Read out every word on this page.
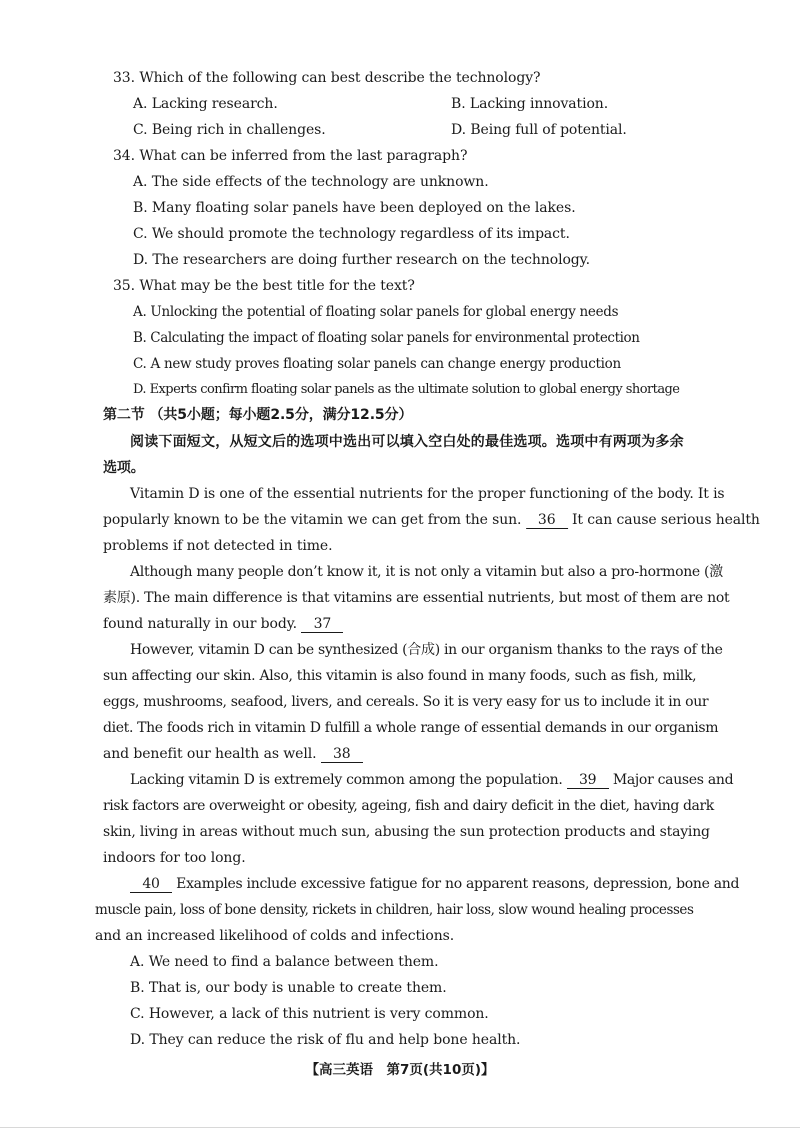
33. Which of the following can best describe the technology?
A. Lacking research.	B. Lacking innovation.
C. Being rich in challenges.	D. Being full of potential.
34. What can be inferred from the last paragraph?
A. The side effects of the technology are unknown.
B. Many floating solar panels have been deployed on the lakes.
C. We should promote the technology regardless of its impact.
D. The researchers are doing further research on the technology.
35. What may be the best title for the text?
A. Unlocking the potential of floating solar panels for global energy needs
B. Calculating the impact of floating solar panels for environmental protection
C. A new study proves floating solar panels can change energy production
D. Experts confirm floating solar panels as the ultimate solution to global energy shortage
第二节 （共5小题；每小题2.5分，满分12.5分）
阅读下面短文，从短文后的选项中选出可以填入空白处的最佳选项。选项中有两项为多余
选项。
Vitamin D is one of the essential nutrients for the proper functioning of the body. It is
popularly known to be the vitamin we can get from the sun. 36 It can cause serious health
problems if not detected in time.
Although many people don’t know it, it is not only a vitamin but also a pro-hormone (激
素原). The main difference is that vitamins are essential nutrients, but most of them are not
found naturally in our body. 37
However, vitamin D can be synthesized (合成) in our organism thanks to the rays of the
sun affecting our skin. Also, this vitamin is also found in many foods, such as fish, milk,
eggs, mushrooms, seafood, livers, and cereals. So it is very easy for us to include it in our
diet. The foods rich in vitamin D fulfill a whole range of essential demands in our organism
and benefit our health as well. 38
Lacking vitamin D is extremely common among the population. 39 Major causes and
risk factors are overweight or obesity, ageing, fish and dairy deficit in the diet, having dark
skin, living in areas without much sun, abusing the sun protection products and staying
indoors for too long.
40 Examples include excessive fatigue for no apparent reasons, depression, bone and
muscle pain, loss of bone density, rickets in children, hair loss, slow wound healing processes
and an increased likelihood of colds and infections.
A. We need to find a balance between them.
B. That is, our body is unable to create them.
C. However, a lack of this nutrient is very common.
D. They can reduce the risk of flu and help bone health.
【高三英语　第7页(共10页)】
